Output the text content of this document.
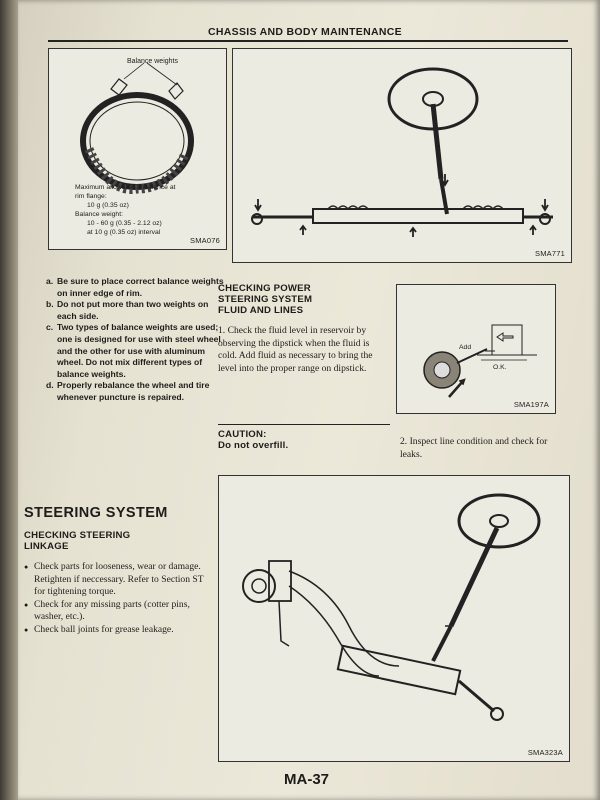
CHASSIS AND BODY MAINTENANCE
Balance weights
Maximum allowable unbalance at
rim flange:
10 g (0.35 oz)
Balance weight:
10 - 60 g (0.35 - 2.12 oz)
at 10 g (0.35 oz) interval
SMA076
SMA771
a. Be sure to place correct balance weights on inner edge of rim.
b. Do not put more than two weights on each side.
c. Two types of balance weights are used; one is designed for use with steel wheel and the other for use with aluminum wheel. Do not mix different types of balance weights.
d. Properly rebalance the wheel and tire whenever puncture is repaired.
CHECKING POWER
STEERING SYSTEM
FLUID AND LINES
1. Check the fluid level in reservoir by observing the dipstick when the fluid is cold. Add fluid as necessary to bring the level into the proper range on dipstick.
Add
O.K.
SMA197A
CAUTION:
Do not overfill.	2. Inspect line condition and check for leaks.
STEERING SYSTEM
CHECKING STEERING
LINKAGE
● Check parts for looseness, wear or damage. Retighten if neccessary. Refer to Section ST for tightening torque.
● Check for any missing parts (cotter pins, washer, etc.).
● Check ball joints for grease leakage.
SMA323A
MA-37
